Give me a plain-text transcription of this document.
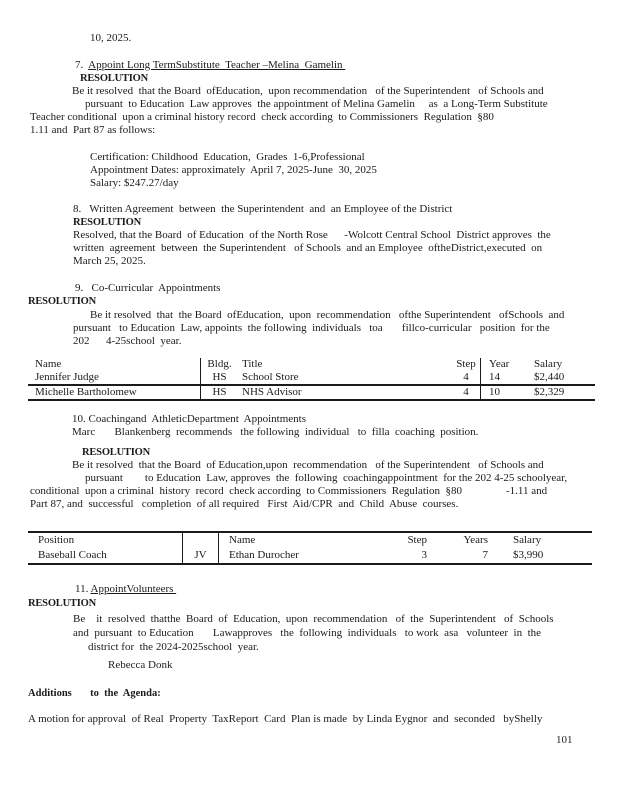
10, 2025.
7.  Appoint Long TermSubstitute  Teacher –Melina  Gamelin
RESOLUTION
Be it resolved  that the Board  ofEducation,  upon recommendation   of the Superintendent   of Schools and
pursuant  to Education  Law approves  the appointment of Melina Gamelin     as  a Long-Term Substitute
Teacher conditional  upon a criminal history record  check according  to Commissioners  Regulation  §80
1.11 and  Part 87 as follows:
Certification: Childhood  Education,  Grades  1-6,Professional
Appointment Dates: approximately  April 7, 2025-June  30, 2025
Salary: $247.27/day
8.   Written Agreement  between  the Superintendent  and  an Employee of the District
RESOLUTION
Resolved, that the Board  of Education  of the North Rose      -Wolcott Central School  District approves  the
written  agreement  between  the Superintendent   of Schools  and an Employee  oftheDistrict,executed  on
March 25, 2025.
9.   Co-Curricular  Appointments
RESOLUTION
Be it resolved  that  the Board  ofEducation,  upon  recommendation   ofthe Superintendent   ofSchools  and
pursuant   to Education  Law, appoints  the following  individuals   toa       fillco-curricular   position  for the
202      4-25school  year.
Name	Bldg.	Title	Step	Year	Salary
Jennifer Judge	HS	School Store	4	14	$2,440
Michelle Bartholomew	HS	NHS Advisor	4	10	$2,329
10. Coachingand  AthleticDepartment  Appointments
Marc       Blankenberg  recommends   the following  individual   to  filla  coaching  position.
RESOLUTION
Be it resolved  that the Board  of Education,upon  recommendation   of the Superintendent   of Schools and
pursuant        to Education  Law, approves  the  following  coachingappointment  for the 202 4-25 schoolyear,
conditional  upon a criminal  history  record  check according  to Commissioners  Regulation  §80                -1.11 and
Part 87, and  successful   completion  of all required   First  Aid/CPR  and  Child  Abuse  courses.
Position		Name	Step	Years	Salary
Baseball Coach	JV	Ethan Durocher	3	7	$3,990
11. AppointVolunteers
RESOLUTION
Be    it  resolved  thatthe  Board  of  Education,  upon  recommendation   of  the  Superintendent   of  Schools
and  pursuant  to Education       Lawapproves   the  following  individuals   to work  asa   volunteer  in  the
district for  the 2024-2025school  year.
Rebecca Donk
Additions       to  the  Agenda:
A motion for approval  of Real  Property  TaxReport  Card  Plan is made  by Linda Eygnor  and  seconded   byShelly
101
